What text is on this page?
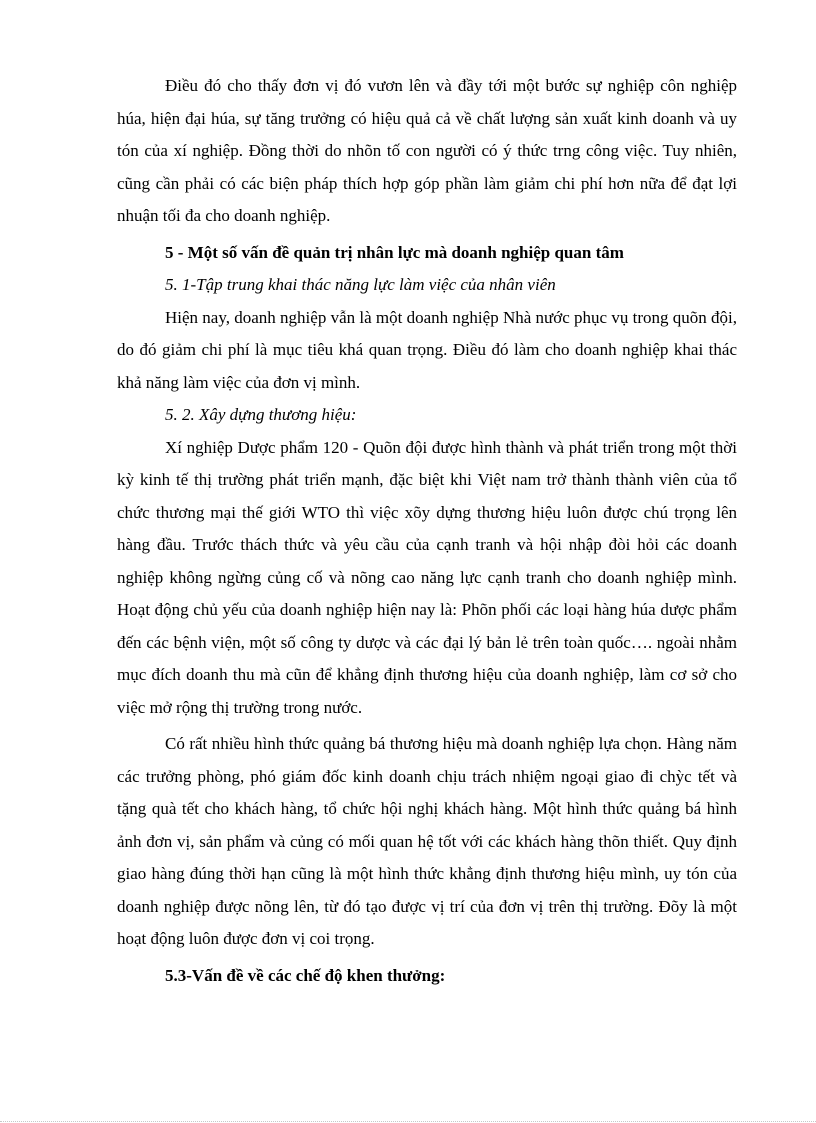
Điều đó cho thấy đơn vị đó vươn lên và đầy tới một bước sự nghiệp côn nghiệp húa, hiện đại húa, sự tăng trưởng có hiệu quả cả về chất lượng sản xuất kinh doanh và uy tón của xí nghiệp. Đồng thời do nhõn tố con người có ý thức trng công việc. Tuy nhiên, cũng cần phải có các biện pháp thích hợp góp phần làm giảm chi phí hơn nữa để đạt lợi nhuận tối đa cho doanh nghiệp.

5 - Một số vấn đề quản trị nhân lực mà doanh nghiệp quan tâm

5. 1-Tập trung khai thác năng lực làm việc của nhân viên

Hiện nay, doanh nghiệp vẫn là một doanh nghiệp Nhà nước phục vụ trong quõn đội, do đó giảm chi phí là mục tiêu khá quan trọng. Điều đó làm cho doanh nghiệp khai thác khả năng làm việc của đơn vị mình.

5. 2. Xây dựng thương hiệu:

Xí nghiệp Dược phẩm 120 - Quõn đội được hình thành và phát triển trong một thời kỳ kinh tế thị trường phát triển mạnh, đặc biệt khi Việt nam trở thành thành viên của tổ chức thương mại thế giới WTO thì việc xõy dựng thương hiệu luôn được chú trọng lên hàng đầu. Trước thách thức và yêu cầu của cạnh tranh và hội nhập đòi hỏi các doanh nghiệp không ngừng củng cố và nõng cao năng lực cạnh tranh cho doanh nghiệp mình. Hoạt động chủ yếu của doanh nghiệp hiện nay là: Phõn phối các loại hàng húa dược phẩm đến các bệnh viện, một số công ty dược và các đại lý bản lẻ trên toàn quốc…. ngoài nhằm mục đích doanh thu mà cũn để khẳng định thương hiệu của doanh nghiệp, làm cơ sở cho việc mở rộng thị trường trong nước.

Có rất nhiều hình thức quảng bá thương hiệu mà doanh nghiệp lựa chọn. Hàng năm các trưởng phòng, phó giám đốc kinh doanh chịu trách nhiệm ngoại giao đi chỳc tết và tặng quà tết cho khách hàng, tổ chức hội nghị khách hàng. Một hình thức quảng bá hình ảnh đơn vị, sản phẩm và củng có mối quan hệ tốt với các khách hàng thõn thiết. Quy định giao hàng đúng thời hạn cũng là một hình thức khẳng định thương hiệu mình, uy tón của doanh nghiệp được nõng lên, từ đó tạo được vị trí của đơn vị trên thị trường. Đõy là một hoạt động luôn được đơn vị coi trọng.

5.3-Vấn đề về các chế độ khen thưởng:
